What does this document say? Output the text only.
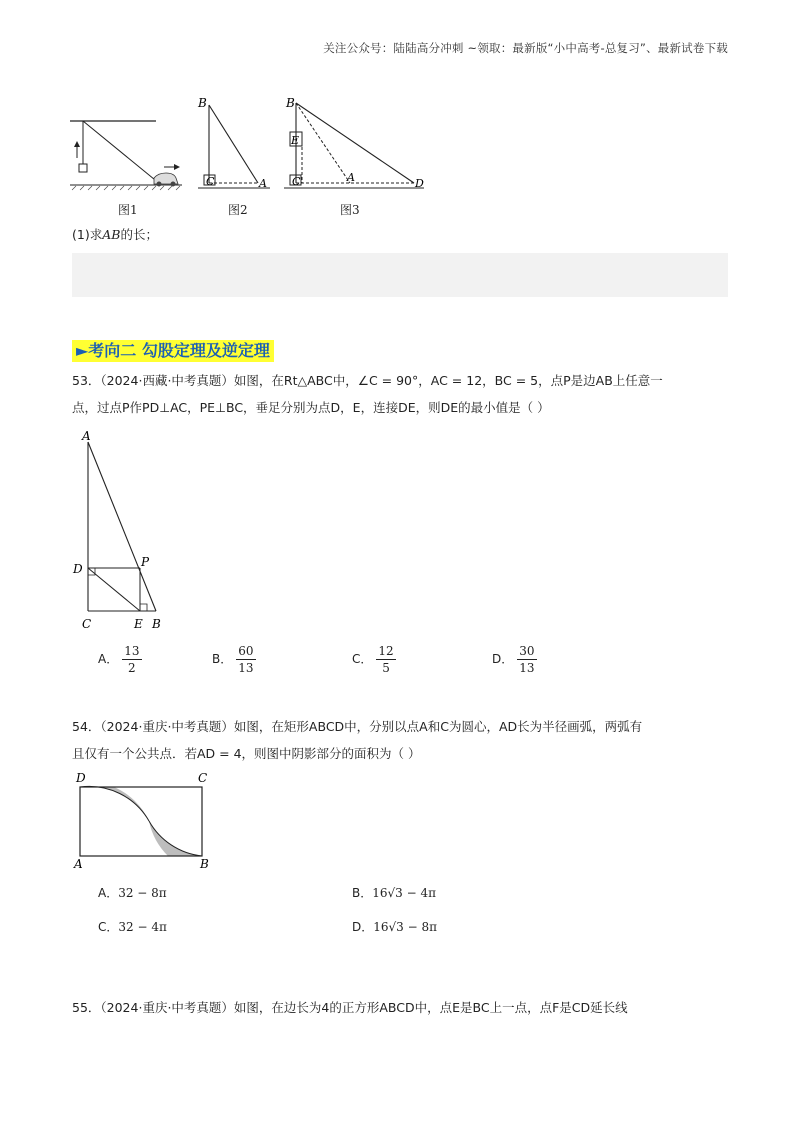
关注公众号：陆陆高分冲刺 ~领取：最新版“小中高考-总复习”、最新试卷下载
图1
B
C	A
图2
B
E
C	A	D
图3
(1)求AB的长；
►考向二 勾股定理及逆定理
53．（2024·西藏·中考真题）如图，在Rt△ABC中，∠C = 90°，AC = 12，BC = 5，点P是边AB上任意一
点，过点P作PD⊥AC，PE⊥BC，垂足分别为点D，E，连接DE，则DE的最小值是（ ）
A
D	P
C	E B
A． $\frac{13}{2}$	B． $\frac{60}{13}$	C． $\frac{12}{5}$	D． $\frac{30}{13}$
54．（2024·重庆·中考真题）如图，在矩形ABCD中，分别以点A和C为圆心，AD长为半径画弧，两弧有
且仅有一个公共点．若AD = 4，则图中阴影部分的面积为（ ）
D	C
A	B
A．32 − 8π	B．16√3 − 4π
C．32 − 4π	D．16√3 − 8π
55．（2024·重庆·中考真题）如图，在边长为4的正方形ABCD中，点E是BC上一点，点F是CD延长线
